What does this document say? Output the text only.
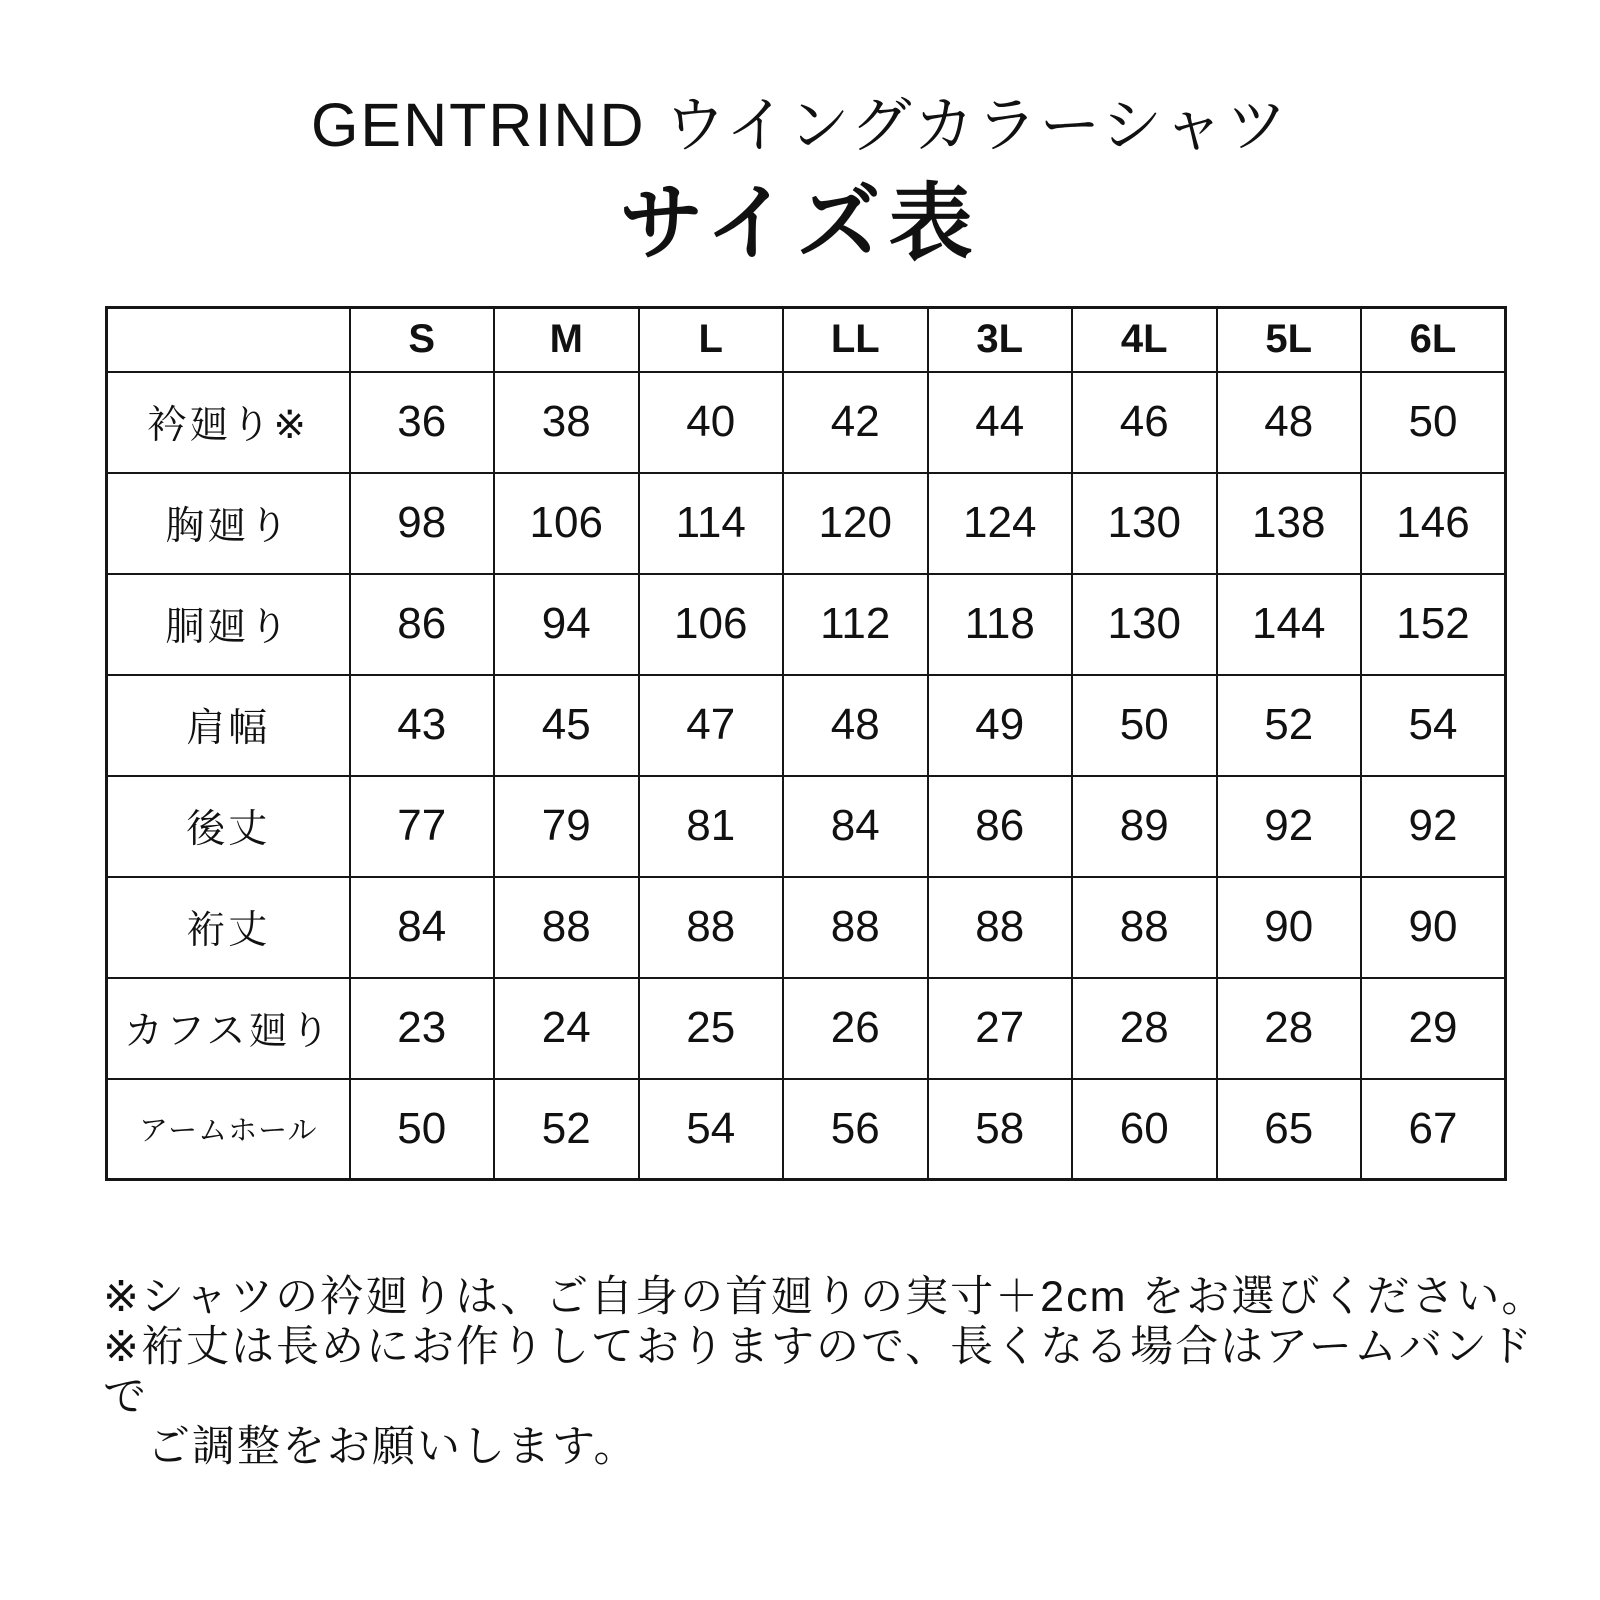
GENTRIND ウイングカラーシャツ
サイズ表
	S	M	L	LL	3L	4L	5L	6L
衿廻り※	36	38	40	42	44	46	48	50
胸廻り	98	106	114	120	124	130	138	146
胴廻り	86	94	106	112	118	130	144	152
肩幅	43	45	47	48	49	50	52	54
後丈	77	79	81	84	86	89	92	92
裄丈	84	88	88	88	88	88	90	90
カフス廻り	23	24	25	26	27	28	28	29
アームホール	50	52	54	56	58	60	65	67

※シャツの衿廻りは、ご自身の首廻りの実寸＋2cm をお選びください。

※裄丈は長めにお作りしておりますので、長くなる場合はアームバンドで

ご調整をお願いします。
